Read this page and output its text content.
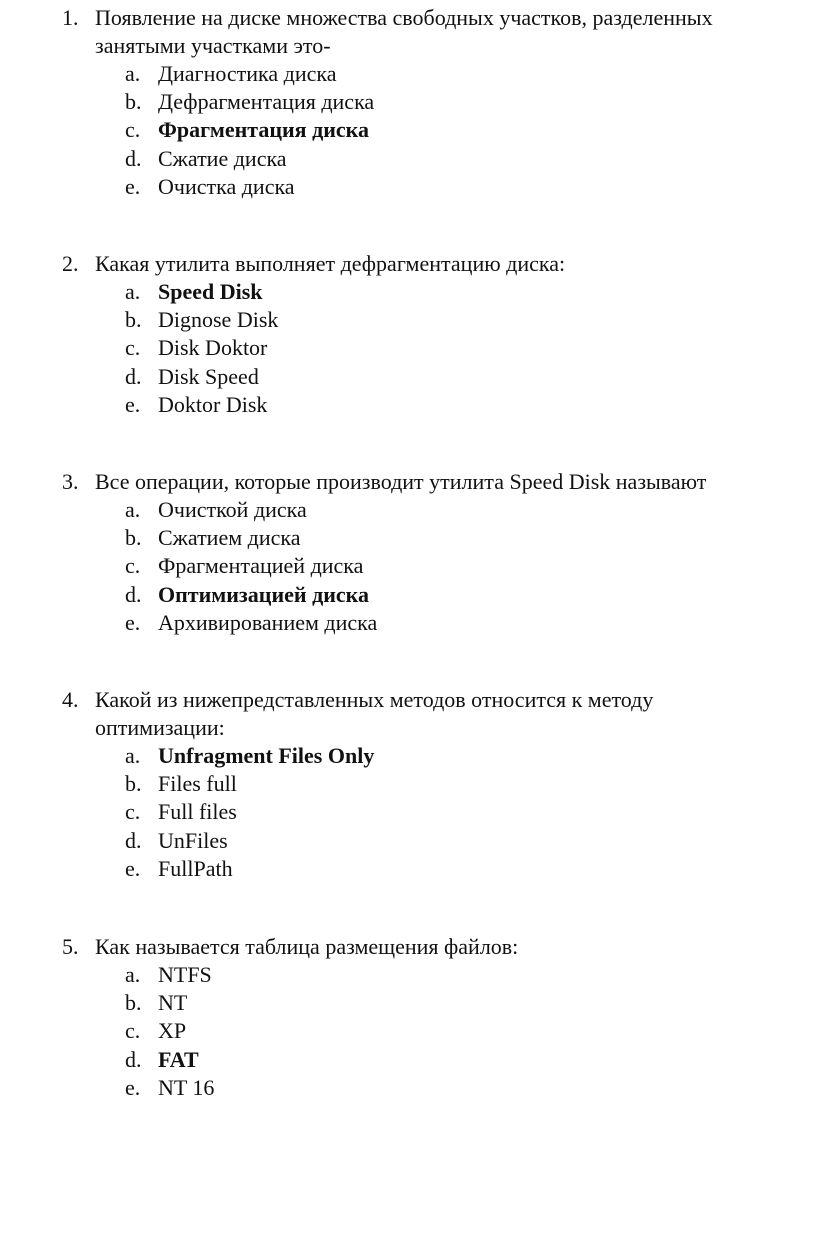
1. Появление на диске множества свободных участков, разделенных
занятыми участками это-
a. Диагностика диска
b. Дефрагментация диска
c. Фрагментация диска
d. Сжатие диска
e. Очистка диска
2. Какая утилита выполняет дефрагментацию диска:
a. Speed Disk
b. Dignose Disk
c. Disk Doktor
d. Disk Speed
e. Doktor Disk
3. Все операции, которые производит утилита Speed Disk называют
a. Очисткой диска
b. Сжатием диска
c. Фрагментацией диска
d. Оптимизацией диска
e. Архивированием диска
4. Какой из нижепредставленных методов относится к методу
оптимизации:
a. Unfragment Files Only
b. Files full
c. Full files
d. UnFiles
e. FullPath
5. Как называется таблица размещения файлов:
a. NTFS
b. NT
c. XP
d. FAT
e. NT 16
